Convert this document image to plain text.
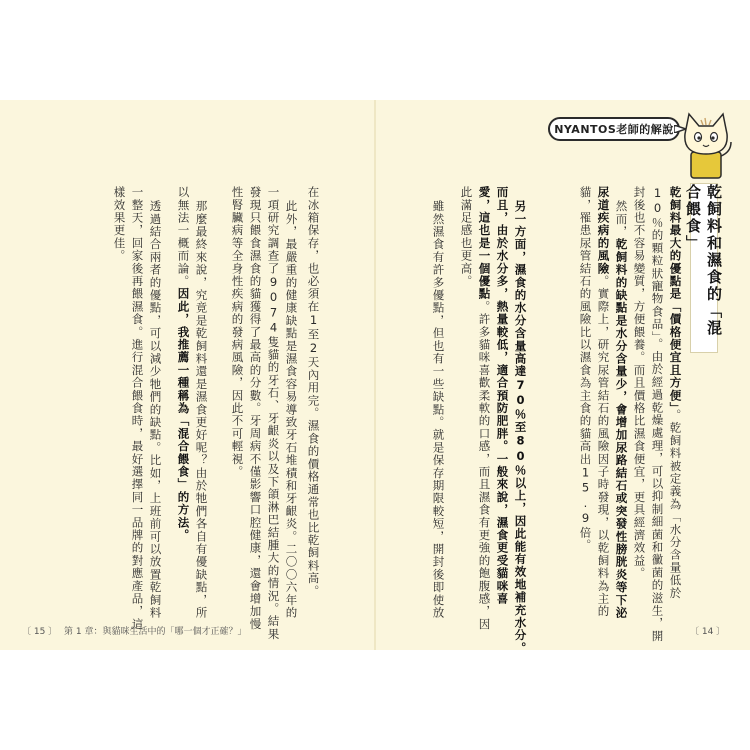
NYANTOS老師的解說
乾飼料和濕食的「混合餵食」
乾飼料最大的優點是「價格便宜且方便」。乾飼料被定義為「水分含量低於
10％的顆粒狀寵物食品」。由於經過乾燥處理，可以抑制細菌和黴菌的滋生，開
封後也不容易變質，方便餵養。而且價格比濕食便宜，更具經濟效益。
然而，乾飼料的缺點是水分含量少，會增加尿路結石或突發性膀胱炎等下泌
尿道疾病的風險。實際上，研究尿管結石的風險因子時發現，以乾飼料為主的
貓，罹患尿管結石的風險比以濕食為主食的貓高出15.9倍。
另一方面，濕食的水分含量高達70％至80％以上，因此能有效地補充水分。
而且，由於水分多，熱量較低，適合預防肥胖。一般來說，濕食更受貓咪喜
愛，這也是一個優點。許多貓咪喜歡柔軟的口感，而且濕食有更強的飽腹感，因
此滿足感也更高。
雖然濕食有許多優點，但也有一些缺點。就是保存期限較短，開封後即使放
在冰箱保存，也必須在1至2天內用完。濕食的價格通常也比乾飼料高。
此外，最嚴重的健康缺點是濕食容易導致牙石堆積和牙齦炎。二〇〇六年的
一項研究調查了9074隻貓的牙石、牙齦炎以及下頜淋巴結腫大的情況。結果
發現只餵食濕食的貓獲得了最高的分數。牙周病不僅影響口腔健康，還會增加慢
性腎臟病等全身性疾病的發病風險，因此不可輕視。
那麼最終來說，究竟是乾飼料還是濕食更好呢？由於牠們各自有優缺點，所
以無法一概而論。因此，我推薦一種稱為「混合餵食」的方法。
透過結合兩者的優點，可以減少牠們的缺點。比如，上班前可以放置乾飼料
一整天，回家後再餵濕食。進行混合餵食時，最好選擇同一品牌的對應產品，這
樣效果更佳。
〔 15 〕 第 1 章：與貓咪生活中的「哪一個才正確？」	〔 14 〕
